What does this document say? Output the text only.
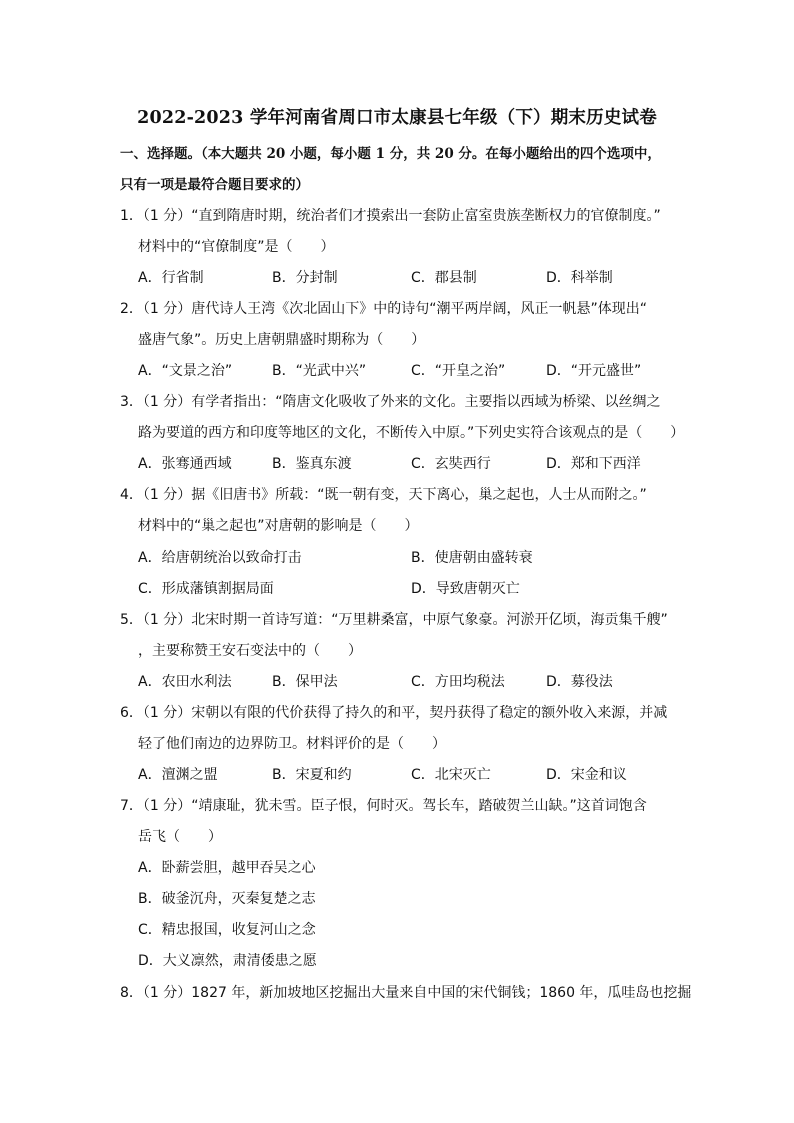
2022-2023 学年河南省周口市太康县七年级（下）期末历史试卷
一、选择题。（本大题共 20 小题，每小题 1 分，共 20 分。在每小题给出的四个选项中，
只有一项是最符合题目要求的）
1．（1 分）“直到隋唐时期，统治者们才摸索出一套防止富室贵族垄断权力的官僚制度。”
材料中的“官僚制度”是（　　）
A．行省制	B．分封制	C．郡县制	D．科举制
2．（1 分）唐代诗人王湾《次北固山下》中的诗句“潮平两岸阔，风正一帆悬”体现出“
盛唐气象”。历史上唐朝鼎盛时期称为（　　）
A．“文景之治”	B．“光武中兴”	C．“开皇之治”	D．“开元盛世”
3．（1 分）有学者指出：“隋唐文化吸收了外来的文化。主要指以西域为桥梁、以丝绸之
路为要道的西方和印度等地区的文化，不断传入中原。”下列史实符合该观点的是（　　）
A．张骞通西域	B．鉴真东渡	C．玄奘西行	D．郑和下西洋
4．（1 分）据《旧唐书》所载：“既一朝有变，天下离心，巢之起也，人士从而附之。”
材料中的“巢之起也”对唐朝的影响是（　　）
A．给唐朝统治以致命打击	B．使唐朝由盛转衰
C．形成藩镇割据局面	D．导致唐朝灭亡
5．（1 分）北宋时期一首诗写道：“万里耕桑富，中原气象豪。河淤开亿顷，海贡集千艘”
，主要称赞王安石变法中的（　　）
A．农田水利法	B．保甲法	C．方田均税法	D．募役法
6．（1 分）宋朝以有限的代价获得了持久的和平，契丹获得了稳定的额外收入来源，并减
轻了他们南边的边界防卫。材料评价的是（　　）
A．澶渊之盟	B．宋夏和约	C．北宋灭亡	D．宋金和议
7．（1 分）“靖康耻，犹未雪。臣子恨，何时灭。驾长车，踏破贺兰山缺。”这首词饱含
岳飞（　　）
A．卧薪尝胆，越甲吞吴之心
B．破釜沉舟，灭秦复楚之志
C．精忠报国，收复河山之念
D．大义凛然，肃清倭患之愿
8．（1 分）1827 年，新加坡地区挖掘出大量来自中国的宋代铜钱；1860 年，瓜哇岛也挖掘
